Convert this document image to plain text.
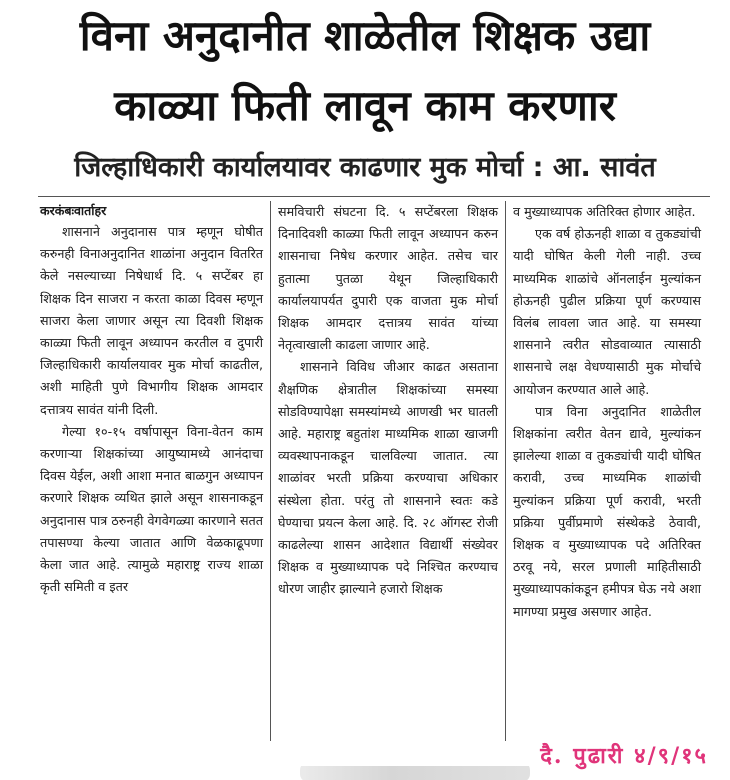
विना अनुदानीत शाळेतील शिक्षक उद्या
काळ्या फिती लावून काम करणार
जिल्हाधिकारी कार्यालयावर काढणार मुक मोर्चा : आ. सावंत

करकंबःवार्ताहर

शासनाने अनुदानास पात्र म्हणून घोषीत करुनही विनाअनुदानित शाळांना अनुदान वितरित केले नसल्याच्या निषेधार्थ दि. ५ सप्टेंबर हा शिक्षक दिन साजरा न करता काळा दिवस म्हणून साजरा केला जाणार असून त्या दिवशी शिक्षक काळ्या फिती लावून अध्यापन करतील व दुपारी जिल्हाधिकारी कार्यालयावर मुक मोर्चा काढतील, अशी माहिती पुणे विभागीय शिक्षक आमदार दत्तात्रय सावंत यांनी दिली.

गेल्या १०-१५ वर्षापासून विना-वेतन काम करणाऱ्या शिक्षकांच्या आयुष्यामध्ये आनंदाचा दिवस येईल, अशी आशा मनात बाळगुन अध्यापन करणारे शिक्षक व्यथित झाले असून शासनाकडून अनुदानास पात्र ठरुनही वेगवेगळ्या कारणाने सतत तपासण्या केल्या जातात आणि वेळकाढूपणा केला जात आहे. त्यामुळे महाराष्ट्र राज्य शाळा कृती समिती व इतर

समविचारी संघटना दि. ५ सप्टेंबरला शिक्षक दिनादिवशी काळ्या फिती लावून अध्यापन करुन शासनाचा निषेध करणार आहेत. तसेच चार हुतात्मा पुतळा येथून जिल्हाधिकारी कार्यालयापर्यत दुपारी एक वाजता मुक मोर्चा शिक्षक आमदार दत्तात्रय सावंत यांच्या नेतृत्वाखाली काढला जाणार आहे.

शासनाने विविध जीआर काढत असताना शैक्षणिक क्षेत्रातील शिक्षकांच्या समस्या सोडविण्यापेक्षा समस्यांमध्ये आणखी भर घातली आहे. महाराष्ट्र बहुतांश माध्यमिक शाळा खाजगी व्यवस्थापनाकडून चालविल्या जातात. त्या शाळांवर भरती प्रक्रिया करण्याचा अधिकार संस्थेला होता. परंतु तो शासनाने स्वतः कडे घेण्याचा प्रयत्न केला आहे. दि. २८ ऑगस्ट रोजी काढलेल्या शासन आदेशात विद्यार्थी संख्येवर शिक्षक व मुख्याध्यापक पदे निश्चित करण्याच धोरण जाहीर झाल्याने हजारो शिक्षक

व मुख्याध्यापक अतिरिक्त होणार आहेत.

एक वर्ष होऊनही शाळा व तुकड्यांची यादी घोषित केली गेली नाही. उच्च माध्यमिक शाळांचे ऑनलाईन मुल्यांकन होऊनही पुढील प्रक्रिया पूर्ण करण्यास विलंब लावला जात आहे. या समस्या शासनाने त्वरीत सोडवाव्यात त्यासाठी शासनाचे लक्ष वेधण्यासाठी मुक मोर्चाचे आयोजन करण्यात आले आहे.

पात्र विना अनुदानित शाळेतील शिक्षकांना त्वरीत वेतन द्यावे, मुल्यांकन झालेल्या शाळा व तुकड्यांची यादी घोषित करावी, उच्च माध्यमिक शाळांची मुल्यांकन प्रक्रिया पूर्ण करावी, भरती प्रक्रिया पुर्वीप्रमाणे संस्थेकडे ठेवावी, शिक्षक व मुख्याध्यापक पदे अतिरिक्त ठरवू नये, सरल प्रणाली माहितीसाठी मुख्याध्यापकांकडून हमीपत्र घेऊ नये अशा मागण्या प्रमुख असणार आहेत.

दै. पुढारी ४/९/१५
